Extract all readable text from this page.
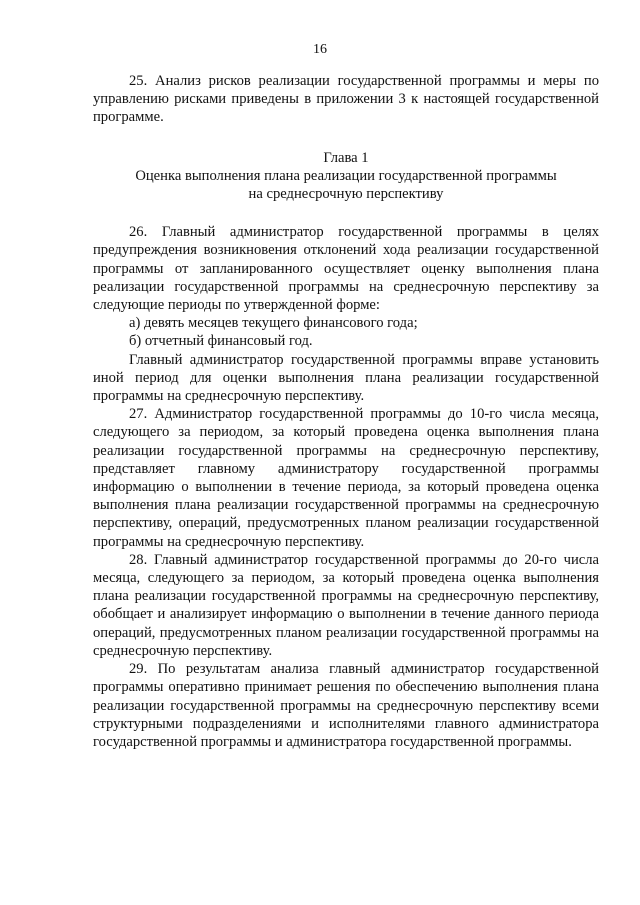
16

25. Анализ рисков реализации государственной программы и меры по управлению рисками приведены в приложении 3 к настоящей государственной программе.

Глава 1

Оценка выполнения плана реализации государственной программы

на среднесрочную перспективу

26. Главный администратор государственной программы в целях предупреждения возникновения отклонений хода реализации государственной программы от запланированного осуществляет оценку выполнения плана реализации государственной программы на среднесрочную перспективу за следующие периоды по утвержденной форме:

а) девять месяцев текущего финансового года;

б) отчетный финансовый год.

Главный администратор государственной программы вправе установить иной период для оценки выполнения плана реализации государственной программы на среднесрочную перспективу.

27. Администратор государственной программы до 10-го числа месяца, следующего за периодом, за который проведена оценка выполнения плана реализации государственной программы на среднесрочную перспективу, представляет главному администратору государственной программы информацию о выполнении в течение периода, за который проведена оценка выполнения плана реализации государственной программы на среднесрочную перспективу, операций, предусмотренных планом реализации государственной программы на среднесрочную перспективу.

28. Главный администратор государственной программы до 20-го числа месяца, следующего за периодом, за который проведена оценка выполнения плана реализации государственной программы на среднесрочную перспективу, обобщает и анализирует информацию о выполнении в течение данного периода операций, предусмотренных планом реализации государственной программы на среднесрочную перспективу.

29. По результатам анализа главный администратор государственной программы оперативно принимает решения по обеспечению выполнения плана реализации государственной программы на среднесрочную перспективу всеми структурными подразделениями и исполнителями главного администратора государственной программы и администратора государственной программы.
